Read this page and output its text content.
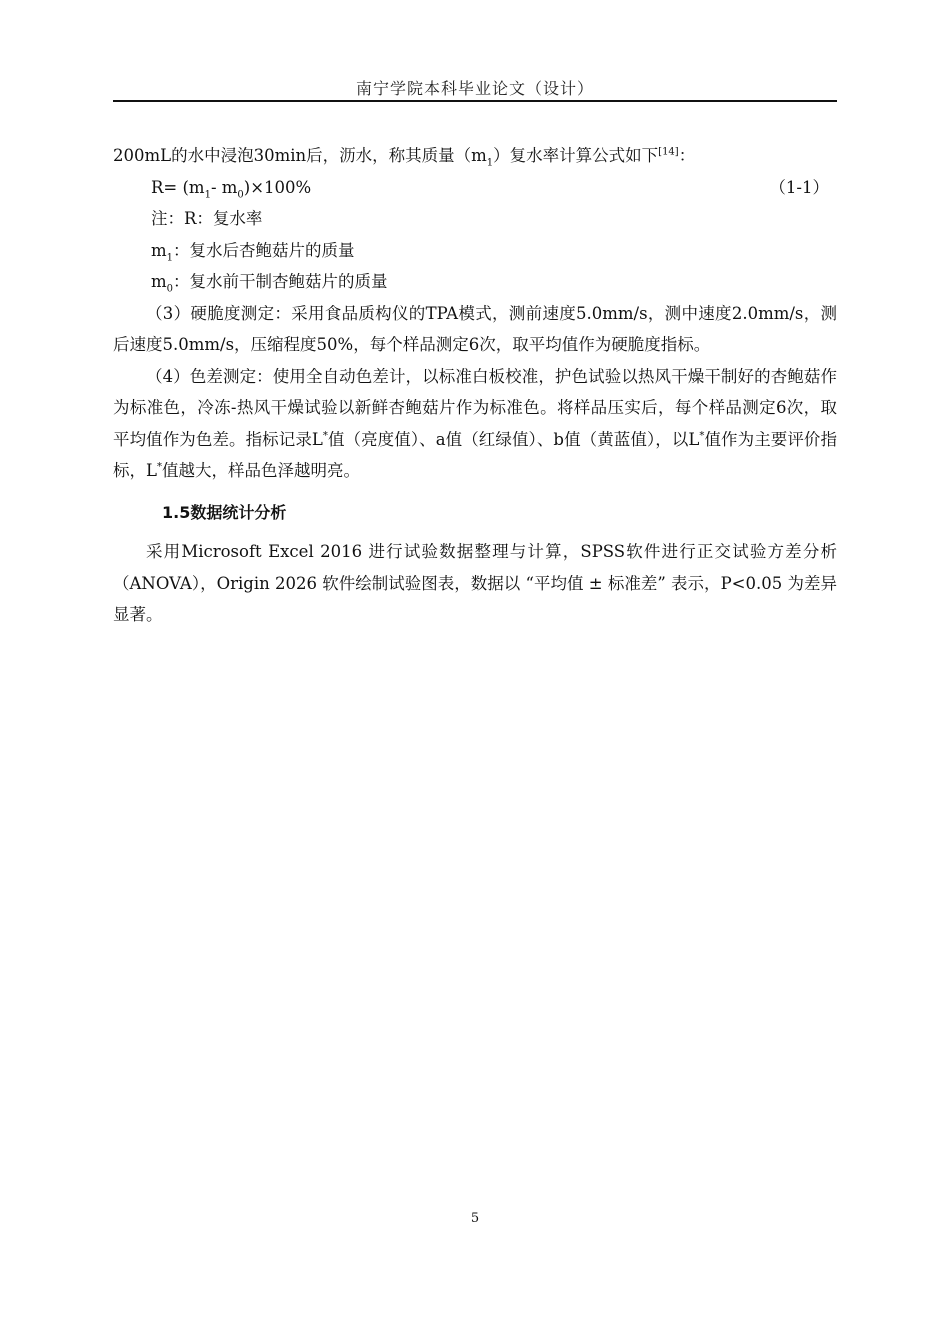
南宁学院本科毕业论文（设计）

200mL的水中浸泡30min后，沥水，称其质量$(m_1)$复水率计算公式如下[14]：

$R= (m_1-$ $m_0)\times 100\%$	（1-1）
注：R：复水率
$m_1$：复水后杏鲍菇片的质量
$m_0$：复水前干制杏鲍菇片的质量

（3）硬脆度测定：采用食品质构仪的TPA模式，测前速度5.0mm/s，测中速度2.0mm/s，测后速度5.0mm/s，压缩程度50%，每个样品测定6次，取平均值作为硬脆度指标。

（4）色差测定：使用全自动色差计，以标准白板校准，护色试验以热风干燥干制好的杏鲍菇作为标准色，冷冻-热风干燥试验以新鲜杏鲍菇片作为标准色。将样品压实后，每个样品测定6次，取平均值作为色差。指标记录L*值（亮度值）、a值（红绿值）、b值（黄蓝值），以L*值作为主要评价指标，L*值越大，样品色泽越明亮。

1.5数据统计分析

采用Microsoft Excel 2016 进行试验数据整理与计算，SPSS软件进行正交试验方差分析（ANOVA），Origin 2026 软件绘制试验图表，数据以 “平均值 ± 标准差” 表示，P<0.05 为差异显著。

5
